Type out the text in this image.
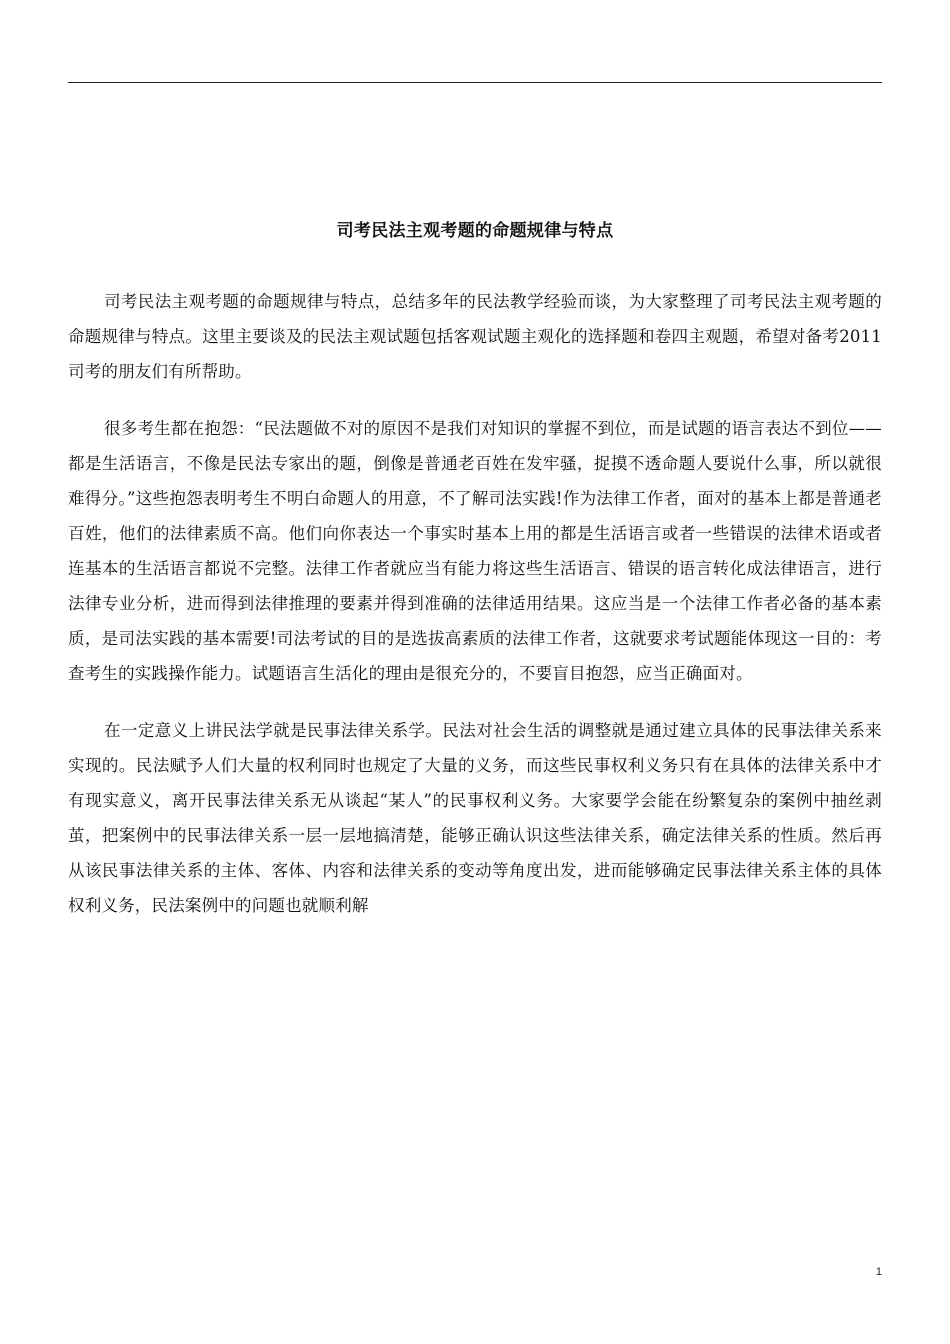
司考民法主观考题的命题规律与特点

司考民法主观考题的命题规律与特点，总结多年的民法教学经验而谈，为大家整理了司考民法主观考题的命题规律与特点。这里主要谈及的民法主观试题包括客观试题主观化的选择题和卷四主观题，希望对备考2011司考的朋友们有所帮助。

很多考生都在抱怨：“民法题做不对的原因不是我们对知识的掌握不到位，而是试题的语言表达不到位——都是生活语言，不像是民法专家出的题，倒像是普通老百姓在发牢骚，捉摸不透命题人要说什么事，所以就很难得分。”这些抱怨表明考生不明白命题人的用意，不了解司法实践!作为法律工作者，面对的基本上都是普通老百姓，他们的法律素质不高。他们向你表达一个事实时基本上用的都是生活语言或者一些错误的法律术语或者连基本的生活语言都说不完整。法律工作者就应当有能力将这些生活语言、错误的语言转化成法律语言，进行法律专业分析，进而得到法律推理的要素并得到准确的法律适用结果。这应当是一个法律工作者必备的基本素质，是司法实践的基本需要!司法考试的目的是选拔高素质的法律工作者，这就要求考试题能体现这一目的：考查考生的实践操作能力。试题语言生活化的理由是很充分的，不要盲目抱怨，应当正确面对。

在一定意义上讲民法学就是民事法律关系学。民法对社会生活的调整就是通过建立具体的民事法律关系来实现的。民法赋予人们大量的权利同时也规定了大量的义务，而这些民事权利义务只有在具体的法律关系中才有现实意义，离开民事法律关系无从谈起“某人”的民事权利义务。大家要学会能在纷繁复杂的案例中抽丝剥茧，把案例中的民事法律关系一层一层地搞清楚，能够正确认识这些法律关系，确定法律关系的性质。然后再从该民事法律关系的主体、客体、内容和法律关系的变动等角度出发，进而能够确定民事法律关系主体的具体权利义务，民法案例中的问题也就顺利解

1
